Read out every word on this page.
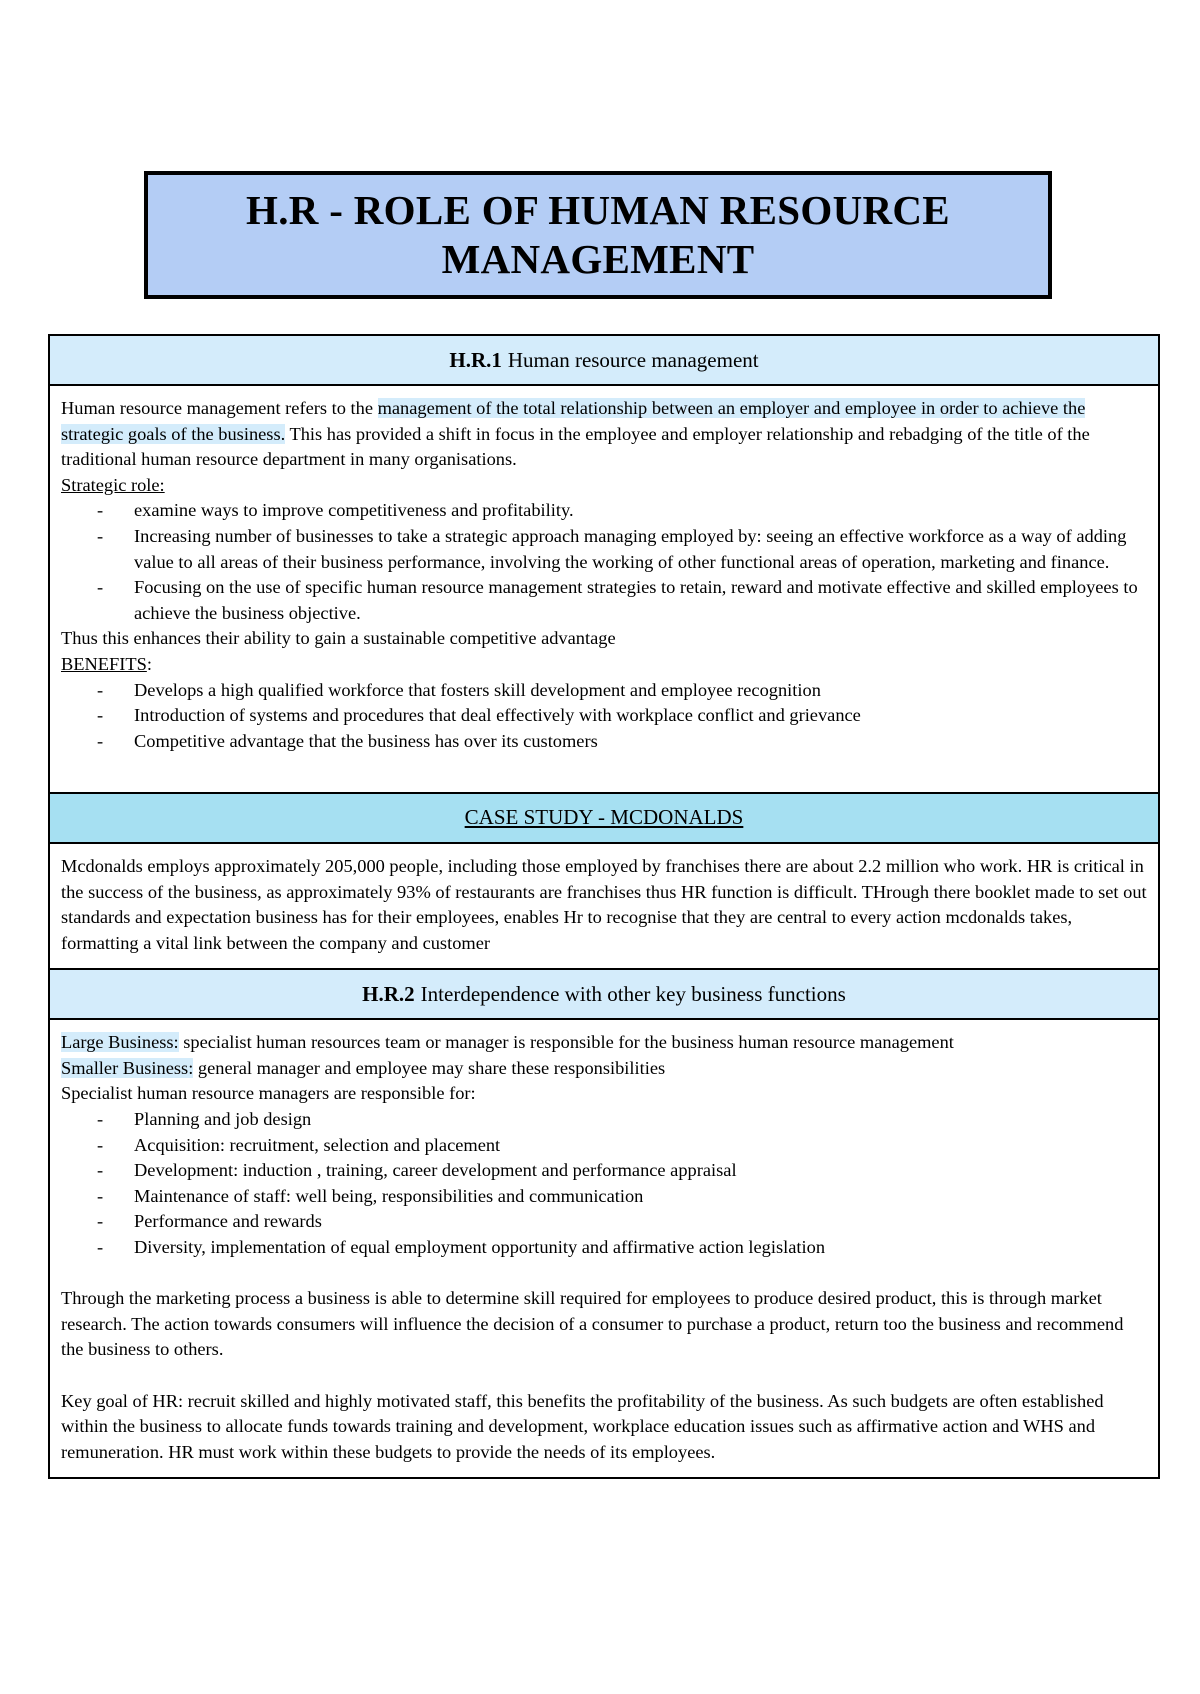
H.R - ROLE OF HUMAN RESOURCE
MANAGEMENT
H.R.1 Human resource management
Human resource management refers to the management of the total relationship between an employer and employee in order to achieve the strategic goals of the business. This has provided a shift in focus in the employee and employer relationship and rebadging of the title of the traditional human resource department in many organisations.
Strategic role:
- examine ways to improve competitiveness and profitability.
- Increasing number of businesses to take a strategic approach managing employed by: seeing an effective workforce as a way of adding value to all areas of their business performance, involving the working of other functional areas of operation, marketing and finance.
- Focusing on the use of specific human resource management strategies to retain, reward and motivate effective and skilled employees to achieve the business objective.
Thus this enhances their ability to gain a sustainable competitive advantage
BENEFITS:
- Develops a high qualified workforce that fosters skill development and employee recognition
- Introduction of systems and procedures that deal effectively with workplace conflict and grievance
- Competitive advantage that the business has over its customers
CASE STUDY - MCDONALDS
Mcdonalds employs approximately 205,000 people, including those employed by franchises there are about 2.2 million who work. HR is critical in the success of the business, as approximately 93% of restaurants are franchises thus HR function is difficult. THrough there booklet made to set out standards and expectation business has for their employees, enables Hr to recognise that they are central to every action mcdonalds takes, formatting a vital link between the company and customer
H.R.2 Interdependence with other key business functions
Large Business: specialist human resources team or manager is responsible for the business human resource management
Smaller Business: general manager and employee may share these responsibilities
Specialist human resource managers are responsible for:
- Planning and job design
- Acquisition: recruitment, selection and placement
- Development: induction , training, career development and performance appraisal
- Maintenance of staff: well being, responsibilities and communication
- Performance and rewards
- Diversity, implementation of equal employment opportunity and affirmative action legislation
Through the marketing process a business is able to determine skill required for employees to produce desired product, this is through market research. The action towards consumers will influence the decision of a consumer to purchase a product, return too the business and recommend the business to others.
Key goal of HR: recruit skilled and highly motivated staff, this benefits the profitability of the business. As such budgets are often established within the business to allocate funds towards training and development, workplace education issues such as affirmative action and WHS and remuneration. HR must work within these budgets to provide the needs of its employees.
